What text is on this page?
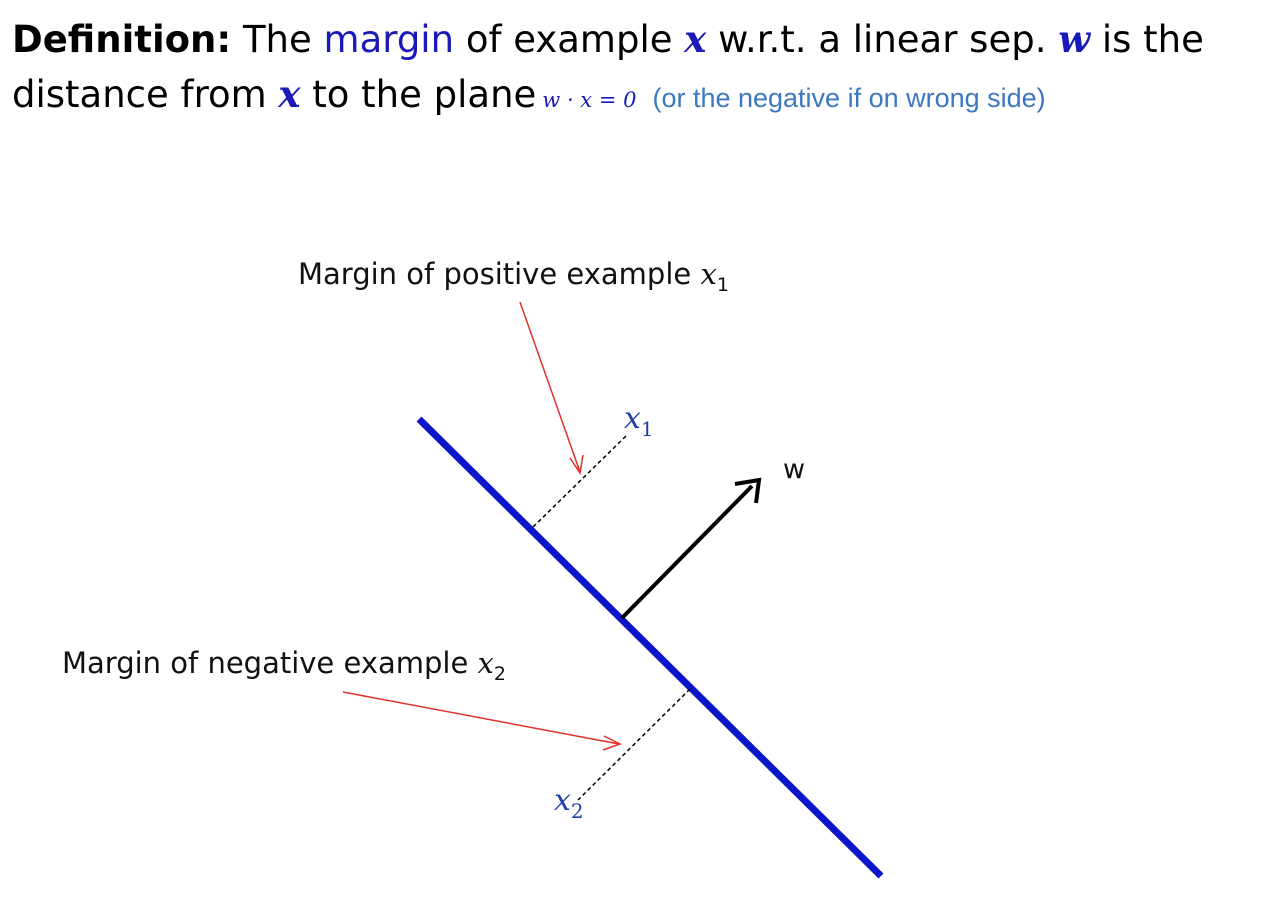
Definition: The margin of example x w.r.t. a linear sep. w is the
distance from x to the plane w · x = 0 (or the negative if on wrong side)
w
$x_1$
$x_2$
Margin of positive example $x_1$
Margin of negative example $x_2$
